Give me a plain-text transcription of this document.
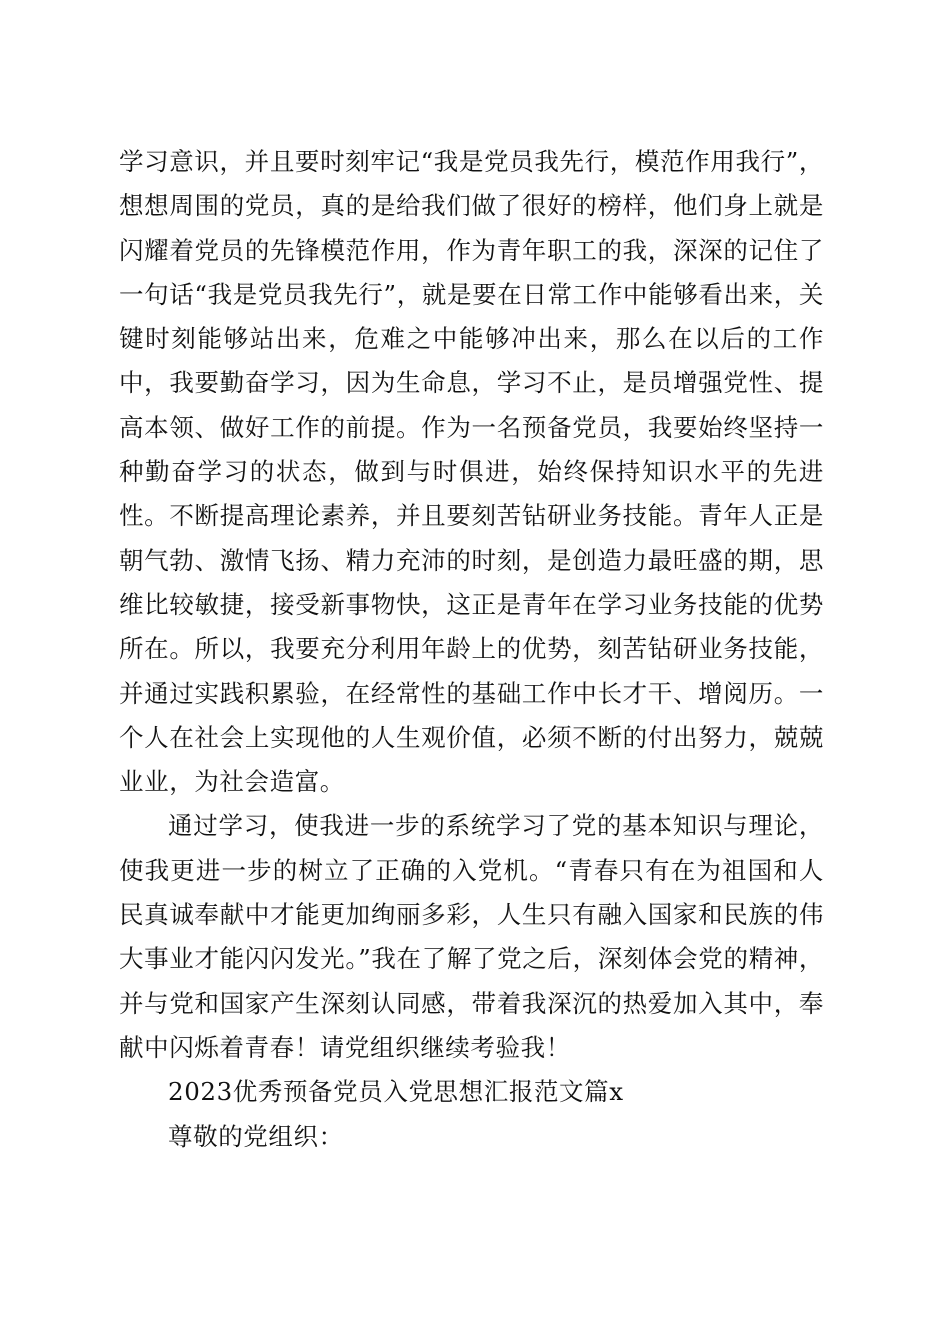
学习意识，并且要时刻牢记“我是党员我先行，模范作用我行”，想想周围的党员，真的是给我们做了很好的榜样，他们身上就是闪耀着党员的先锋模范作用，作为青年职工的我，深深的记住了一句话“我是党员我先行”，就是要在日常工作中能够看出来，关键时刻能够站出来，危难之中能够冲出来，那么在以后的工作中，我要勤奋学习，因为生命息，学习不止，是员增强党性、提高本领、做好工作的前提。作为一名预备党员，我要始终坚持一种勤奋学习的状态，做到与时俱进，始终保持知识水平的先进性。不断提高理论素养，并且要刻苦钻研业务技能。青年人正是朝气勃、激情飞扬、精力充沛的时刻，是创造力最旺盛的期，思维比较敏捷，接受新事物快，这正是青年在学习业务技能的优势所在。所以，我要充分利用年龄上的优势，刻苦钻研业务技能，并通过实践积累验，在经常性的基础工作中长才干、增阅历。一个人在社会上实现他的人生观价值，必须不断的付出努力，兢兢业业，为社会造富。

通过学习，使我进一步的系统学习了党的基本知识与理论，使我更进一步的树立了正确的入党机。“青春只有在为祖国和人民真诚奉献中才能更加绚丽多彩，人生只有融入国家和民族的伟大事业才能闪闪发光。”我在了解了党之后，深刻体会党的精神，并与党和国家产生深刻认同感，带着我深沉的热爱加入其中，奉献中闪烁着青春！请党组织继续考验我！

2023优秀预备党员入党思想汇报范文篇x

尊敬的党组织：
